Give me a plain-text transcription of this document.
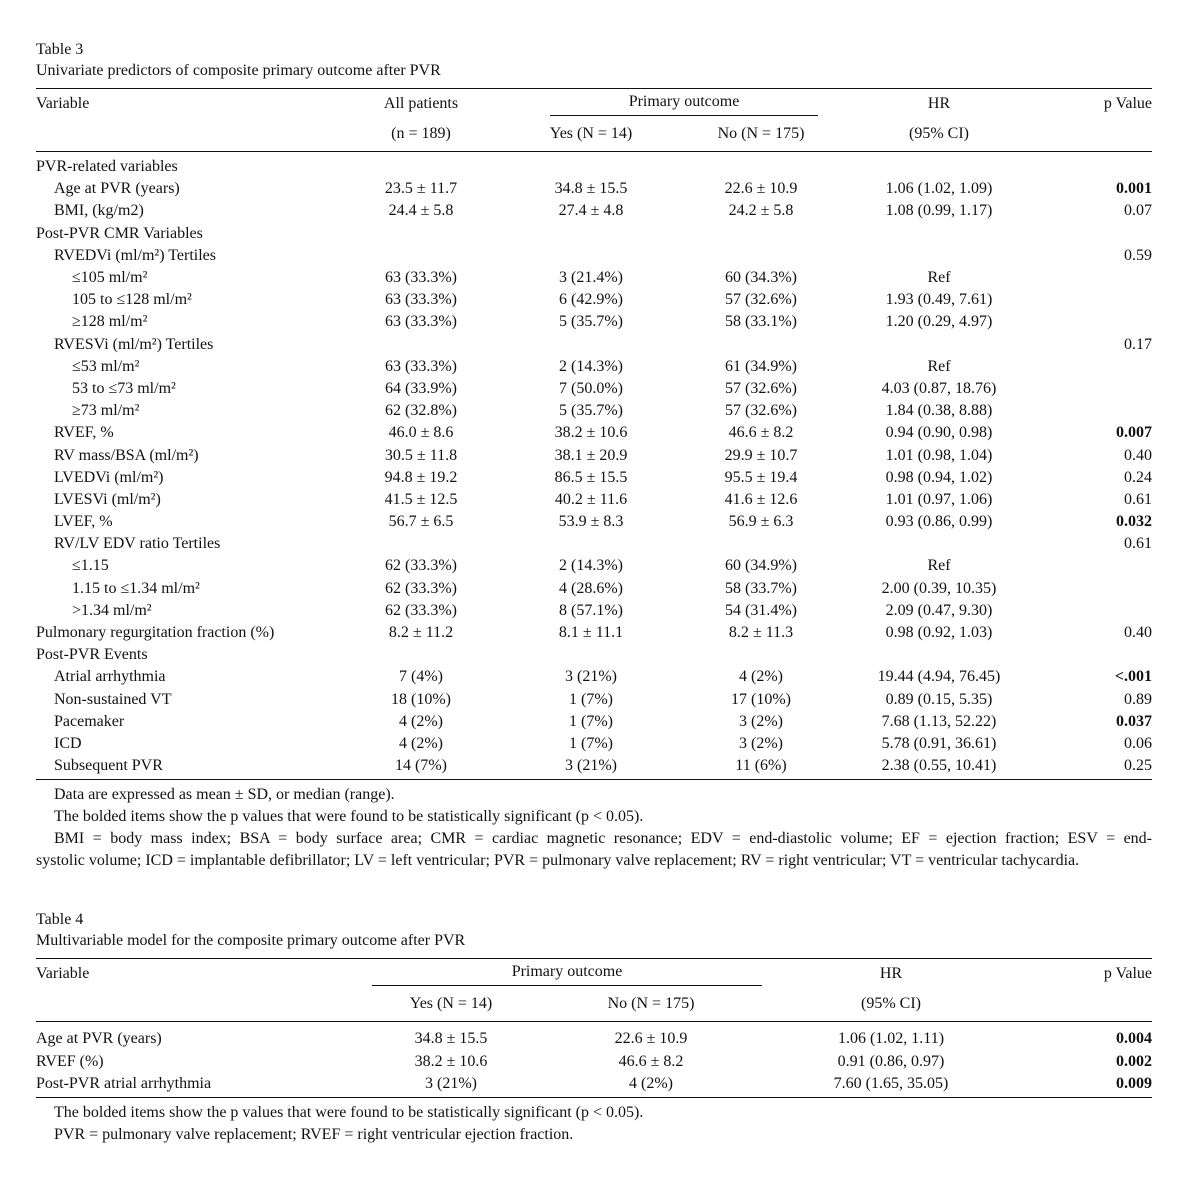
Table 3
Univariate predictors of composite primary outcome after PVR
Variable	All patients	Primary outcome		HR	p Value
	(n = 189)	Yes (N = 14)	No (N = 175)	(95% CI)	
PVR-related variables					
Age at PVR (years)	23.5 ± 11.7	34.8 ± 15.5	22.6 ± 10.9	1.06 (1.02, 1.09)	0.001
BMI, (kg/m2)	24.4 ± 5.8	27.4 ± 4.8	24.2 ± 5.8	1.08 (0.99, 1.17)	0.07
Post-PVR CMR Variables					
RVEDVi (ml/m²) Tertiles					0.59
≤105 ml/m²	63 (33.3%)	3 (21.4%)	60 (34.3%)	Ref	
105 to ≤128 ml/m²	63 (33.3%)	6 (42.9%)	57 (32.6%)	1.93 (0.49, 7.61)	
≥128 ml/m²	63 (33.3%)	5 (35.7%)	58 (33.1%)	1.20 (0.29, 4.97)	
RVESVi (ml/m²) Tertiles					0.17
≤53 ml/m²	63 (33.3%)	2 (14.3%)	61 (34.9%)	Ref	
53 to ≤73 ml/m²	64 (33.9%)	7 (50.0%)	57 (32.6%)	4.03 (0.87, 18.76)	
≥73 ml/m²	62 (32.8%)	5 (35.7%)	57 (32.6%)	1.84 (0.38, 8.88)	
RVEF, %	46.0 ± 8.6	38.2 ± 10.6	46.6 ± 8.2	0.94 (0.90, 0.98)	0.007
RV mass/BSA (ml/m²)	30.5 ± 11.8	38.1 ± 20.9	29.9 ± 10.7	1.01 (0.98, 1.04)	0.40
LVEDVi (ml/m²)	94.8 ± 19.2	86.5 ± 15.5	95.5 ± 19.4	0.98 (0.94, 1.02)	0.24
LVESVi (ml/m²)	41.5 ± 12.5	40.2 ± 11.6	41.6 ± 12.6	1.01 (0.97, 1.06)	0.61
LVEF, %	56.7 ± 6.5	53.9 ± 8.3	56.9 ± 6.3	0.93 (0.86, 0.99)	0.032
RV/LV EDV ratio Tertiles					0.61
≤1.15	62 (33.3%)	2 (14.3%)	60 (34.9%)	Ref	
1.15 to ≤1.34 ml/m²	62 (33.3%)	4 (28.6%)	58 (33.7%)	2.00 (0.39, 10.35)	
>1.34 ml/m²	62 (33.3%)	8 (57.1%)	54 (31.4%)	2.09 (0.47, 9.30)	
Pulmonary regurgitation fraction (%)	8.2 ± 11.2	8.1 ± 11.1	8.2 ± 11.3	0.98 (0.92, 1.03)	0.40
Post-PVR Events					
Atrial arrhythmia	7 (4%)	3 (21%)	4 (2%)	19.44 (4.94, 76.45)	<.001
Non-sustained VT	18 (10%)	1 (7%)	17 (10%)	0.89 (0.15, 5.35)	0.89
Pacemaker	4 (2%)	1 (7%)	3 (2%)	7.68 (1.13, 52.22)	0.037
ICD	4 (2%)	1 (7%)	3 (2%)	5.78 (0.91, 36.61)	0.06
Subsequent PVR	14 (7%)	3 (21%)	11 (6%)	2.38 (0.55, 10.41)	0.25

Data are expressed as mean ± SD, or median (range).

The bolded items show the p values that were found to be statistically significant (p < 0.05).

BMI = body mass index; BSA = body surface area; CMR = cardiac magnetic resonance; EDV = end-diastolic volume; EF = ejection fraction; ESV = end-

systolic volume; ICD = implantable defibrillator; LV = left ventricular; PVR = pulmonary valve replacement; RV = right ventricular; VT = ventricular tachycardia.

Table 4
Multivariable model for the composite primary outcome after PVR
Variable	Primary outcome		HR	p Value
	Yes (N = 14)	No (N = 175)	(95% CI)	
Age at PVR (years)	34.8 ± 15.5	22.6 ± 10.9	1.06 (1.02, 1.11)	0.004
RVEF (%)	38.2 ± 10.6	46.6 ± 8.2	0.91 (0.86, 0.97)	0.002
Post-PVR atrial arrhythmia	3 (21%)	4 (2%)	7.60 (1.65, 35.05)	0.009

The bolded items show the p values that were found to be statistically significant (p < 0.05).

PVR = pulmonary valve replacement; RVEF = right ventricular ejection fraction.
